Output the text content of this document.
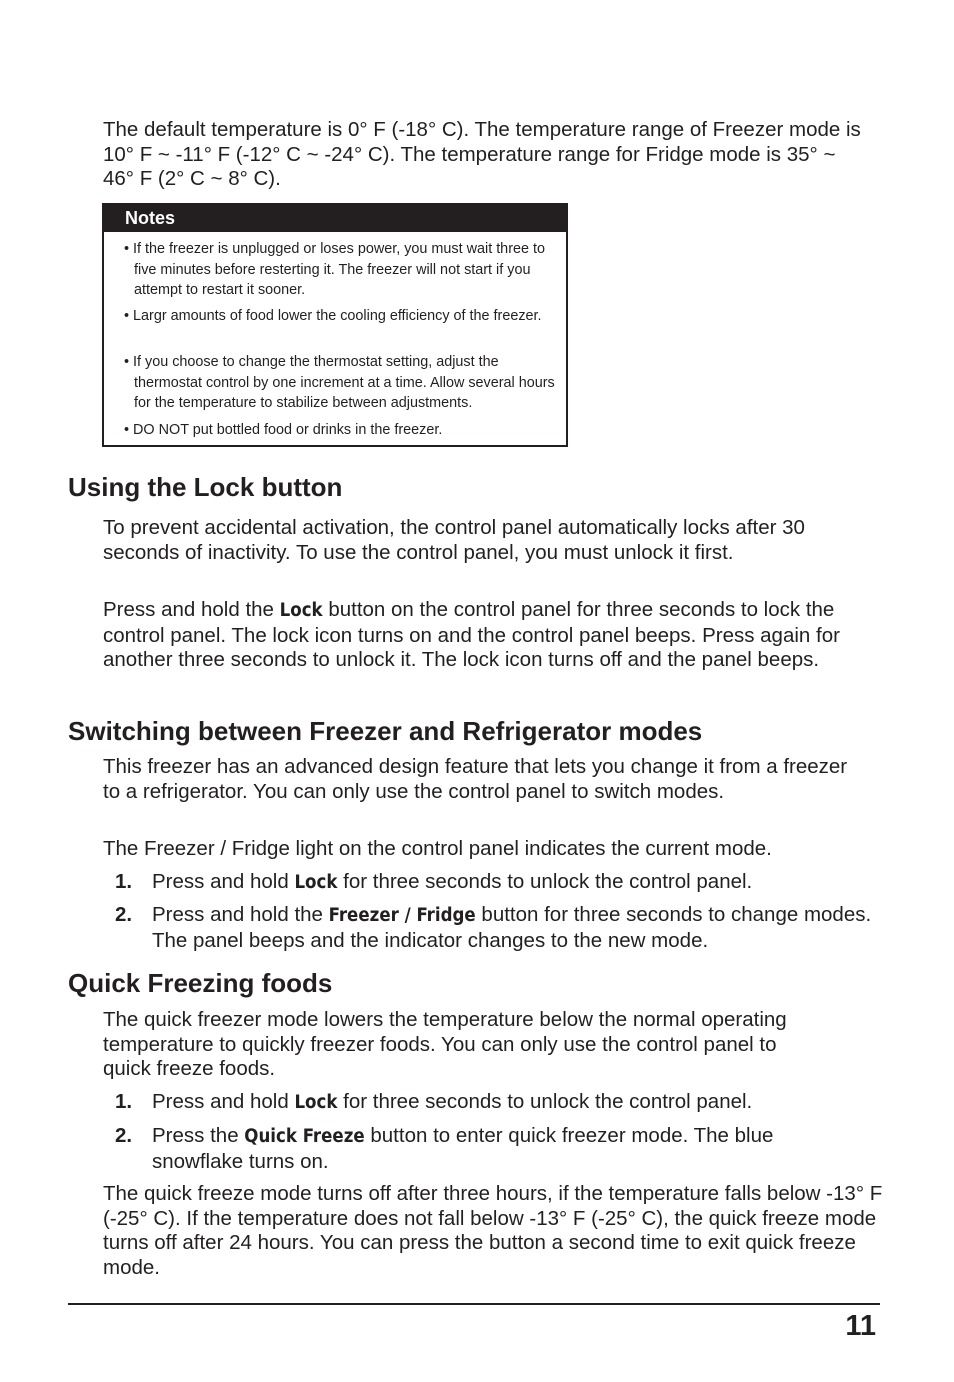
The default temperature is 0° F (-18° C). The temperature range of Freezer mode is 10° F ~ -11° F (-12° C ~ -24° C). The temperature range for Fridge mode is 35° ~ 46° F (2° C ~ 8° C).

Notes

• If the freezer is unplugged or loses power, you must wait three to five minutes before resterting it. The freezer will not start if you attempt to restart it sooner.

• Largr amounts of food lower the cooling efficiency of the freezer.

• If you choose to change the thermostat setting, adjust the thermostat control by one increment at a time. Allow several hours for the temperature to stabilize between adjustments.

• DO NOT put bottled food or drinks in the freezer.

Using the Lock button

To prevent accidental activation, the control panel automatically locks after 30 seconds of inactivity. To use the control panel, you must unlock it first.

Press and hold the Lock button on the control panel for three seconds to lock the control panel. The lock icon turns on and the control panel beeps. Press again for another three seconds to unlock it. The lock icon turns off and the panel beeps.

Switching between Freezer and Refrigerator modes

This freezer has an advanced design feature that lets you change it from a freezer to a refrigerator. You can only use the control panel to switch modes.

The Freezer / Fridge light on the control panel indicates the current mode.

1. Press and hold Lock for three seconds to unlock the control panel.
2. Press and hold the Freezer / Fridge button for three seconds to change modes. The panel beeps and the indicator changes to the new mode.
Quick Freezing foods

The quick freezer mode lowers the temperature below the normal operating temperature to quickly freezer foods. You can only use the control panel to quick freeze foods.

1. Press and hold Lock for three seconds to unlock the control panel.
2. Press the Quick Freeze button to enter quick freezer mode. The blue snowflake turns on.

The quick freeze mode turns off after three hours, if the temperature falls below -13° F (-25° C). If the temperature does not fall below -13° F (-25° C), the quick freeze mode turns off after 24 hours. You can press the button a second time to exit quick freeze mode.

11
